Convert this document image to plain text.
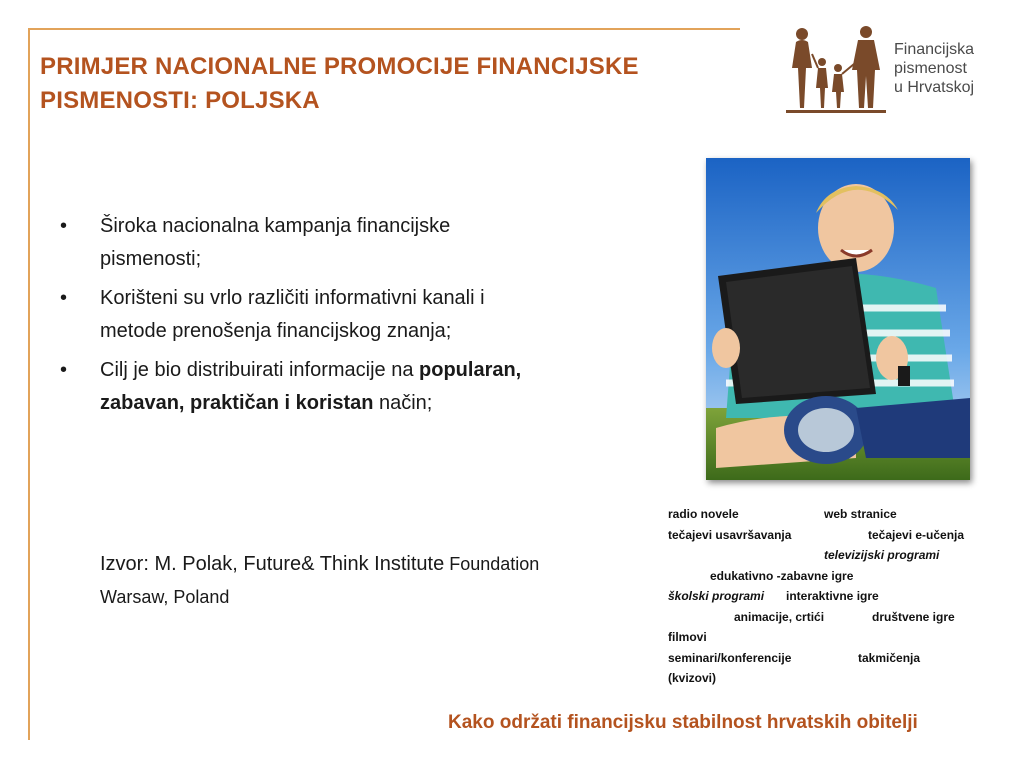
PRIMJER NACIONALNE PROMOCIJE FINANCIJSKE
PISMENOSTI: POLJSKA
Financijska
pismenost
u Hrvatskoj
• Široka nacionalna kampanja financijske pismenosti;
• Korišteni su vrlo različiti informativni kanali i metode prenošenja financijskog znanja;
• Cilj je bio distribuirati informacije na popularan, zabavan, praktičan i koristan način;
Izvor: M. Polak, Future& Think Institute Foundation Warsaw, Poland
radio novele	web stranice
tečajevi usavršavanja	tečajevi e-učenja
televizijski programi
edukativno -zabavne igre
školski programi interaktivne igre
animacije, crtići	društvene igre
filmovi
seminari/konferencije	takmičenja
(kvizovi)
Kako održati financijsku stabilnost hrvatskih obitelji
